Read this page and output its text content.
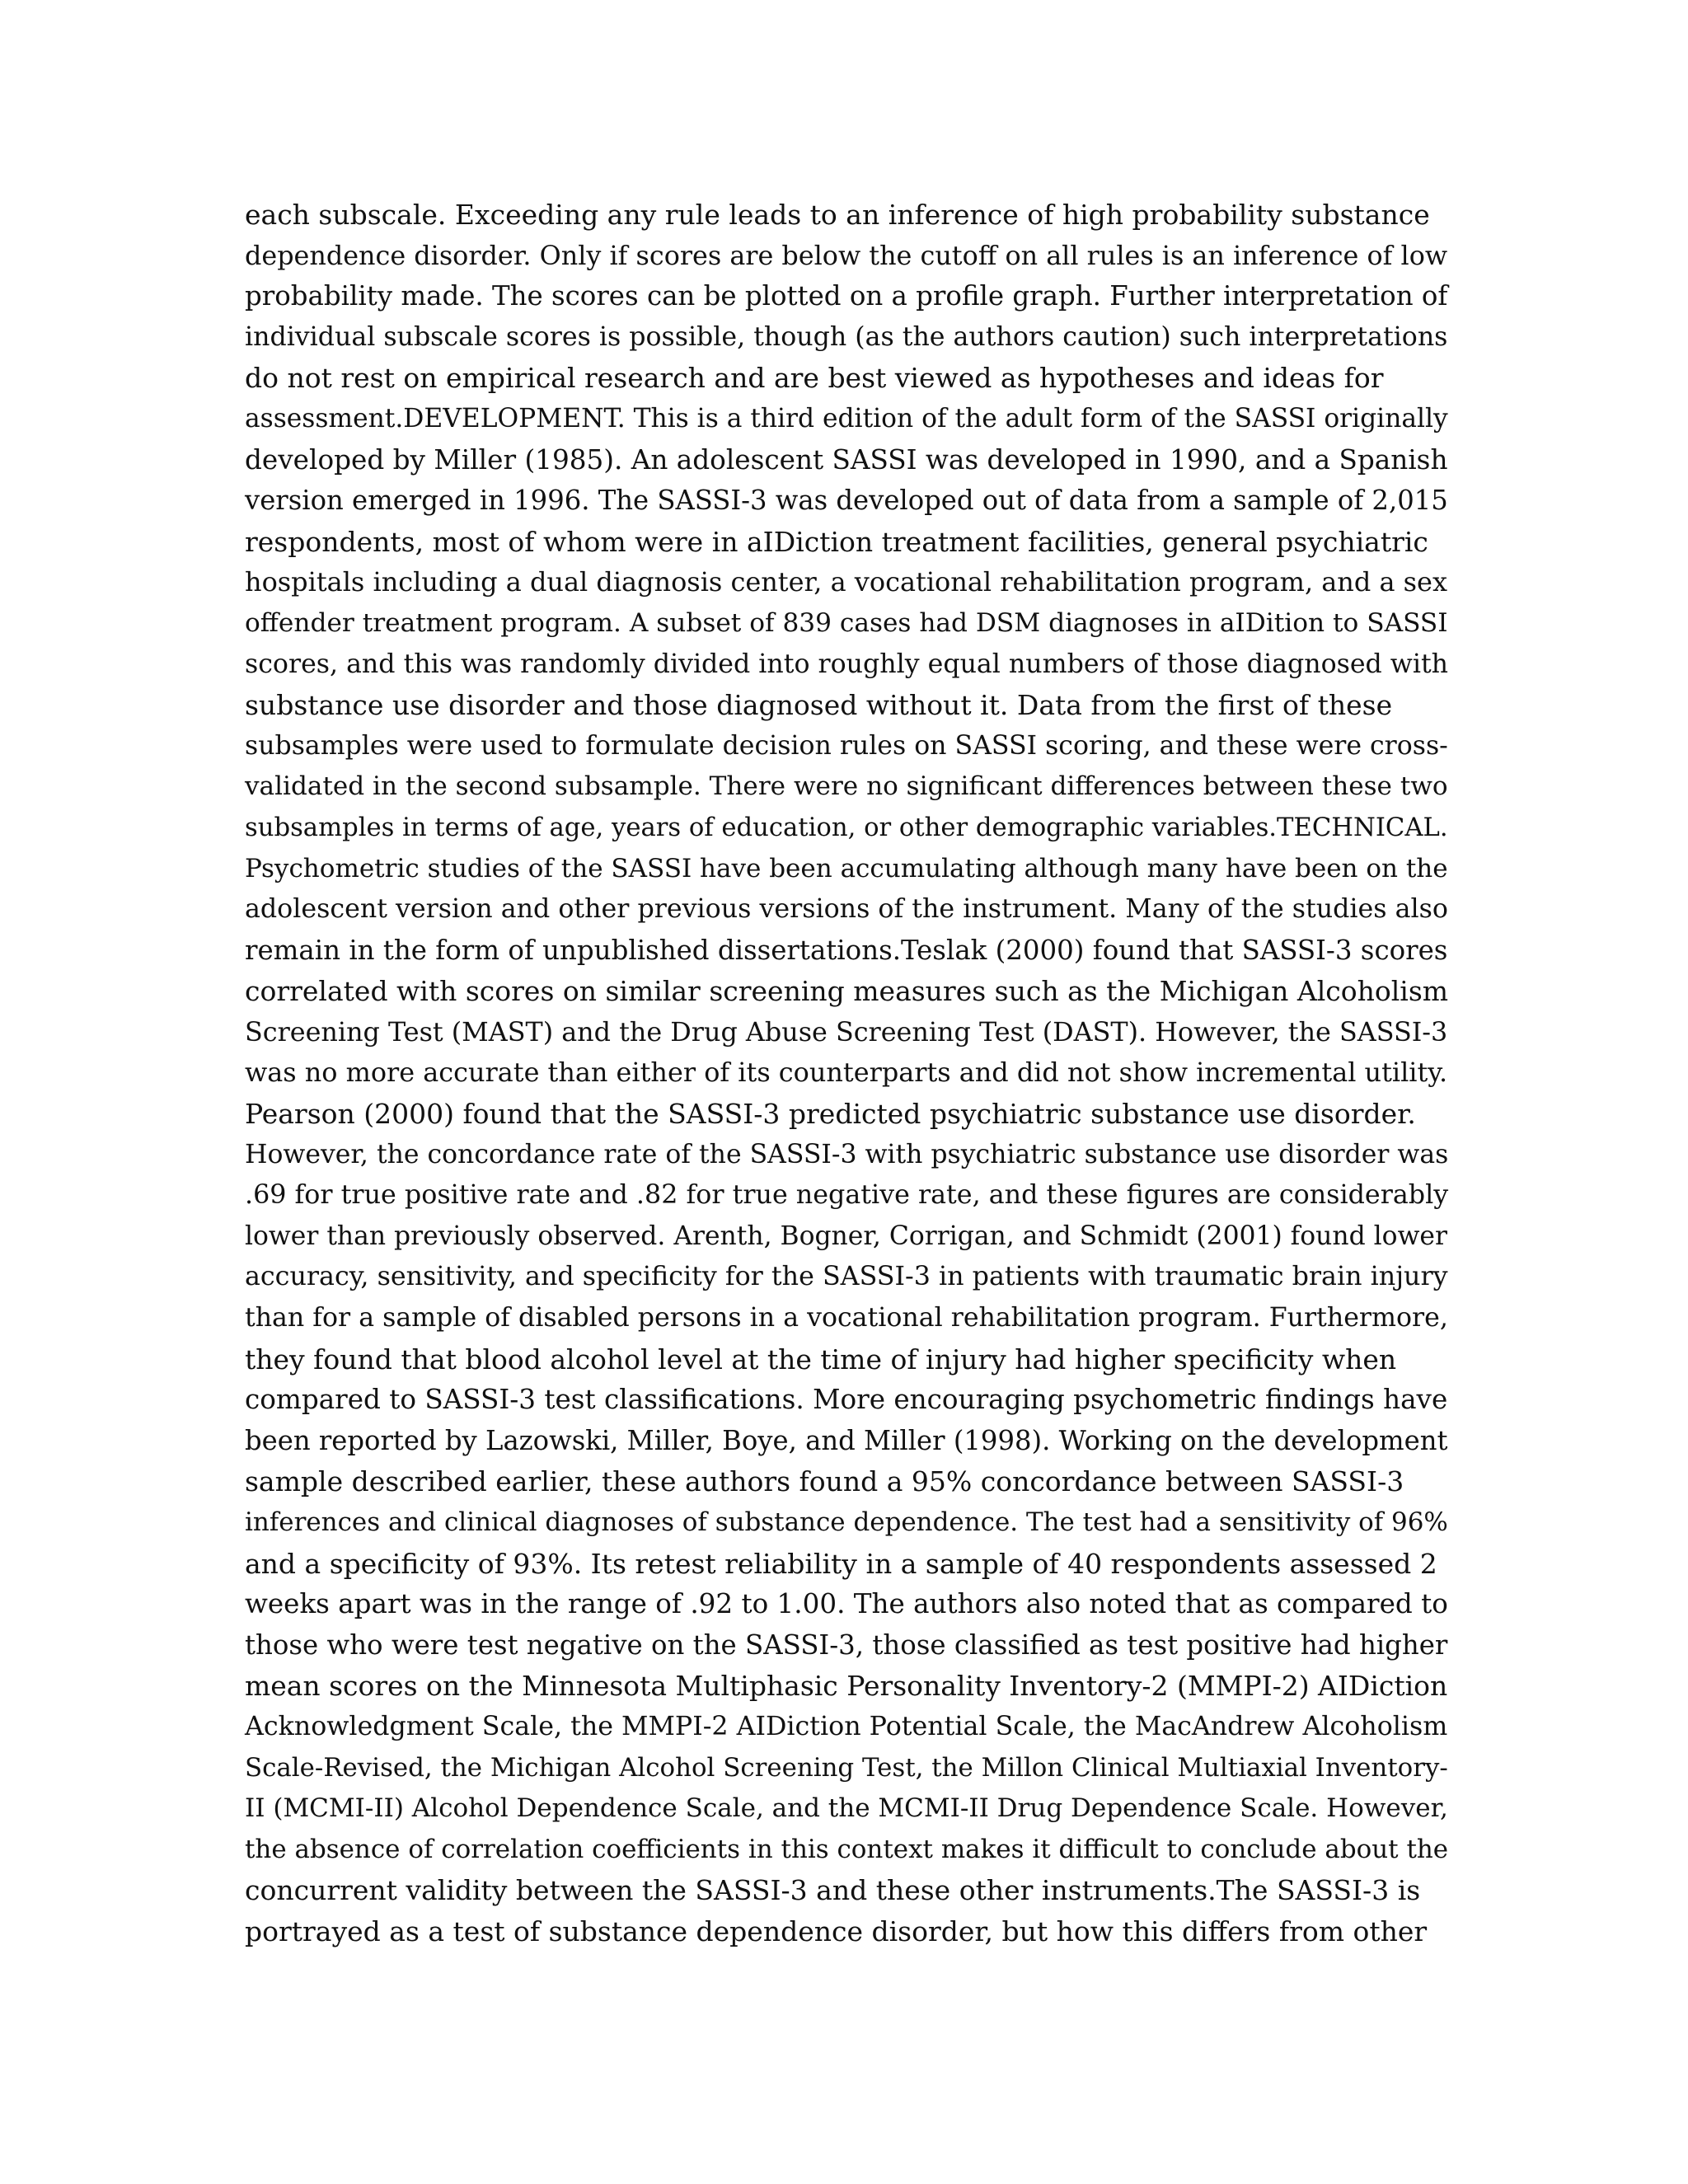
each subscale. Exceeding any rule leads to an inference of high probability substance
dependence disorder. Only if scores are below the cutoff on all rules is an inference of low
probability made. The scores can be plotted on a profile graph. Further interpretation of
individual subscale scores is possible, though (as the authors caution) such interpretations
do not rest on empirical research and are best viewed as hypotheses and ideas for
assessment.DEVELOPMENT. This is a third edition of the adult form of the SASSI originally
developed by Miller (1985). An adolescent SASSI was developed in 1990, and a Spanish
version emerged in 1996. The SASSI-3 was developed out of data from a sample of 2,015
respondents, most of whom were in aIDiction treatment facilities, general psychiatric
hospitals including a dual diagnosis center, a vocational rehabilitation program, and a sex
offender treatment program. A subset of 839 cases had DSM diagnoses in aIDition to SASSI
scores, and this was randomly divided into roughly equal numbers of those diagnosed with
substance use disorder and those diagnosed without it. Data from the first of these
subsamples were used to formulate decision rules on SASSI scoring, and these were cross-
validated in the second subsample. There were no significant differences between these two
subsamples in terms of age, years of education, or other demographic variables.TECHNICAL.
Psychometric studies of the SASSI have been accumulating although many have been on the
adolescent version and other previous versions of the instrument. Many of the studies also
remain in the form of unpublished dissertations.Teslak (2000) found that SASSI-3 scores
correlated with scores on similar screening measures such as the Michigan Alcoholism
Screening Test (MAST) and the Drug Abuse Screening Test (DAST). However, the SASSI-3
was no more accurate than either of its counterparts and did not show incremental utility.
Pearson (2000) found that the SASSI-3 predicted psychiatric substance use disorder.
However, the concordance rate of the SASSI-3 with psychiatric substance use disorder was
.69 for true positive rate and .82 for true negative rate, and these figures are considerably
lower than previously observed. Arenth, Bogner, Corrigan, and Schmidt (2001) found lower
accuracy, sensitivity, and specificity for the SASSI-3 in patients with traumatic brain injury
than for a sample of disabled persons in a vocational rehabilitation program. Furthermore,
they found that blood alcohol level at the time of injury had higher specificity when
compared to SASSI-3 test classifications. More encouraging psychometric findings have
been reported by Lazowski, Miller, Boye, and Miller (1998). Working on the development
sample described earlier, these authors found a 95% concordance between SASSI-3
inferences and clinical diagnoses of substance dependence. The test had a sensitivity of 96%
and a specificity of 93%. Its retest reliability in a sample of 40 respondents assessed 2
weeks apart was in the range of .92 to 1.00. The authors also noted that as compared to
those who were test negative on the SASSI-3, those classified as test positive had higher
mean scores on the Minnesota Multiphasic Personality Inventory-2 (MMPI-2) AIDiction
Acknowledgment Scale, the MMPI-2 AIDiction Potential Scale, the MacAndrew Alcoholism
Scale-Revised, the Michigan Alcohol Screening Test, the Millon Clinical Multiaxial Inventory-
II (MCMI-II) Alcohol Dependence Scale, and the MCMI-II Drug Dependence Scale. However,
the absence of correlation coefficients in this context makes it difficult to conclude about the
concurrent validity between the SASSI-3 and these other instruments.The SASSI-3 is
portrayed as a test of substance dependence disorder, but how this differs from other
